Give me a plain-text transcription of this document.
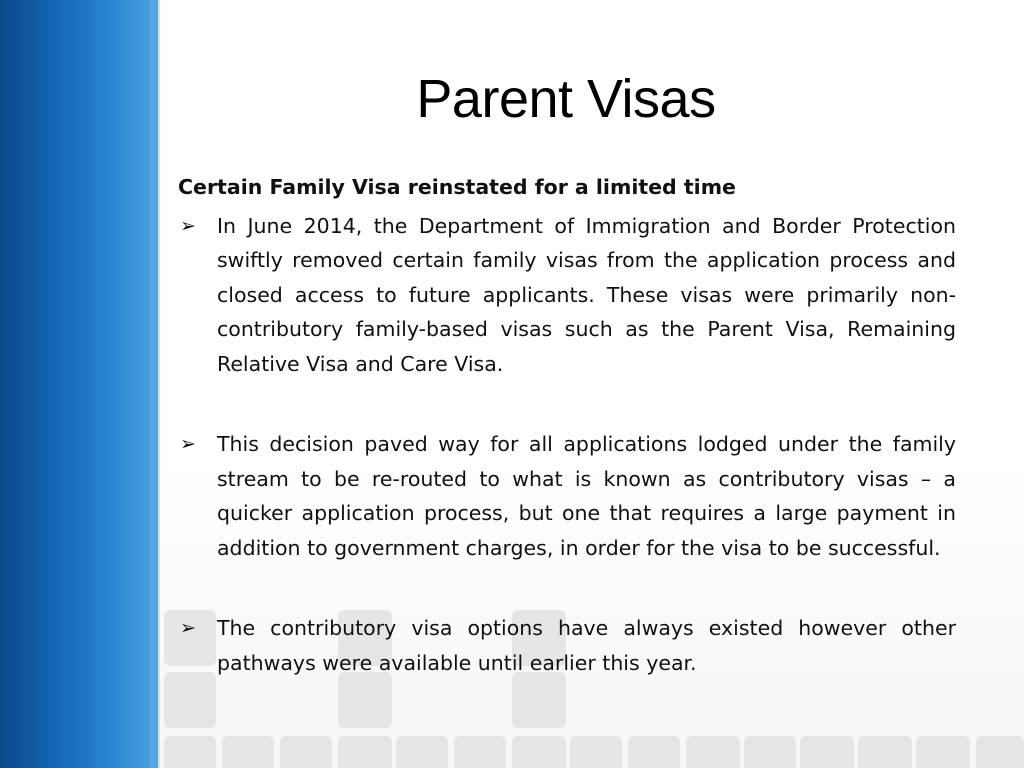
Parent Visas

Certain Family Visa reinstated for a limited time

➢ In June 2014, the Department of Immigration and Border Protection swiftly removed certain family visas from the application process and closed access to future applicants. These visas were primarily non-contributory family-based visas such as the Parent Visa, Remaining Relative Visa and Care Visa.

➢ This decision paved way for all applications lodged under the family stream to be re-routed to what is known as contributory visas – a quicker application process, but one that requires a large payment in addition to government charges, in order for the visa to be successful.

➢ The contributory visa options have always existed however other pathways were available until earlier this year.
